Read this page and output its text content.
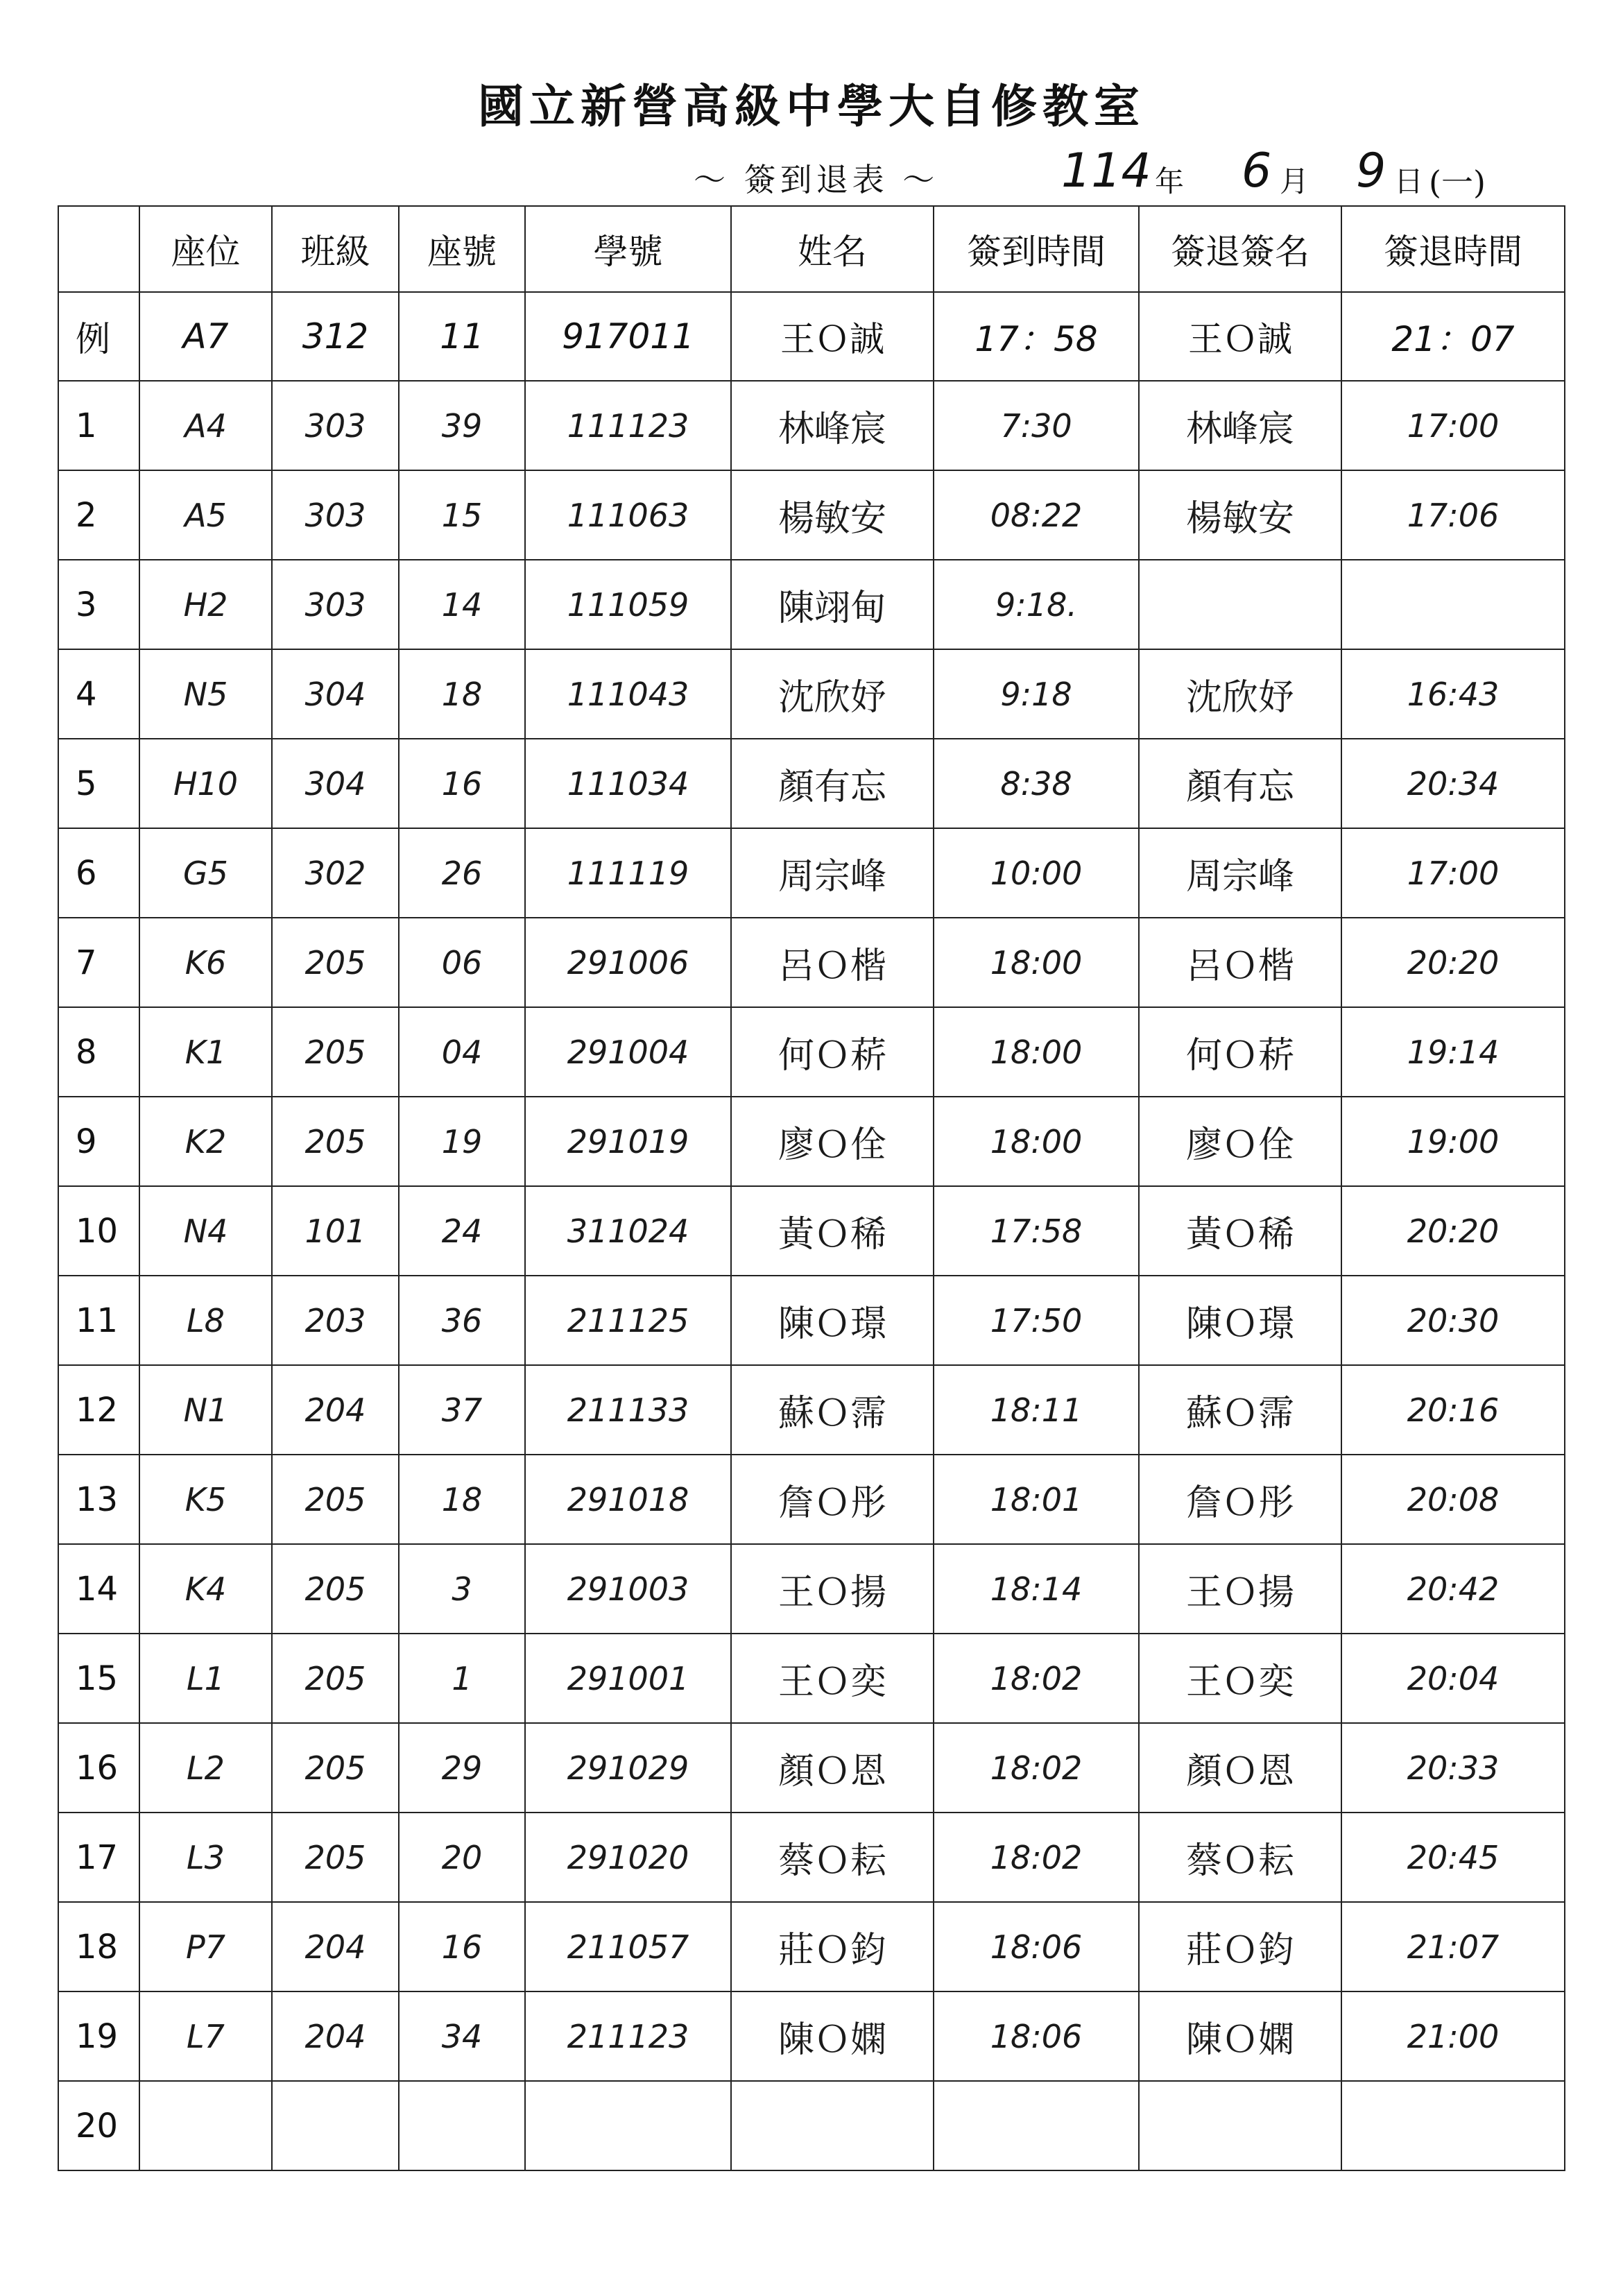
國立新營高級中學大自修教室
～ 簽到退表 ～	114 年 6 月 9 日 (一)
	座位	班級	座號	學號	姓名	簽到時間	簽退簽名	簽退時間
例	A7	312	11	917011	王Ｏ誠	17：58	王Ｏ誠	21：07
1	A4	303	39	111123	林峰宸	7:30	林峰宸	17:00
2	A5	303	15	111063	楊敏安	08:22	楊敏安	17:06
3	H2	303	14	111059	陳翊甸	9:18.		
4	N5	304	18	111043	沈欣妤	9:18	沈欣妤	16:43
5	H10	304	16	111034	顏有忘	8:38	顏有忘	20:34
6	G5	302	26	111119	周宗峰	10:00	周宗峰	17:00
7	K6	205	06	291006	呂Ｏ楷	18:00	呂Ｏ楷	20:20
8	K1	205	04	291004	何Ｏ菥	18:00	何Ｏ菥	19:14
9	K2	205	19	291019	廖Ｏ佺	18:00	廖Ｏ佺	19:00
10	N4	101	24	311024	黃Ｏ稀	17:58	黃Ｏ稀	20:20
11	L8	203	36	211125	陳Ｏ璟	17:50	陳Ｏ璟	20:30
12	N1	204	37	211133	蘇Ｏ霈	18:11	蘇Ｏ霈	20:16
13	K5	205	18	291018	詹Ｏ彤	18:01	詹Ｏ彤	20:08
14	K4	205	3	291003	王Ｏ揚	18:14	王Ｏ揚	20:42
15	L1	205	1	291001	王Ｏ奕	18:02	王Ｏ奕	20:04
16	L2	205	29	291029	顏Ｏ恩	18:02	顏Ｏ恩	20:33
17	L3	205	20	291020	蔡Ｏ耘	18:02	蔡Ｏ耘	20:45
18	P7	204	16	211057	莊Ｏ鈞	18:06	莊Ｏ鈞	21:07
19	L7	204	34	211123	陳Ｏ嫻	18:06	陳Ｏ嫻	21:00
20								
